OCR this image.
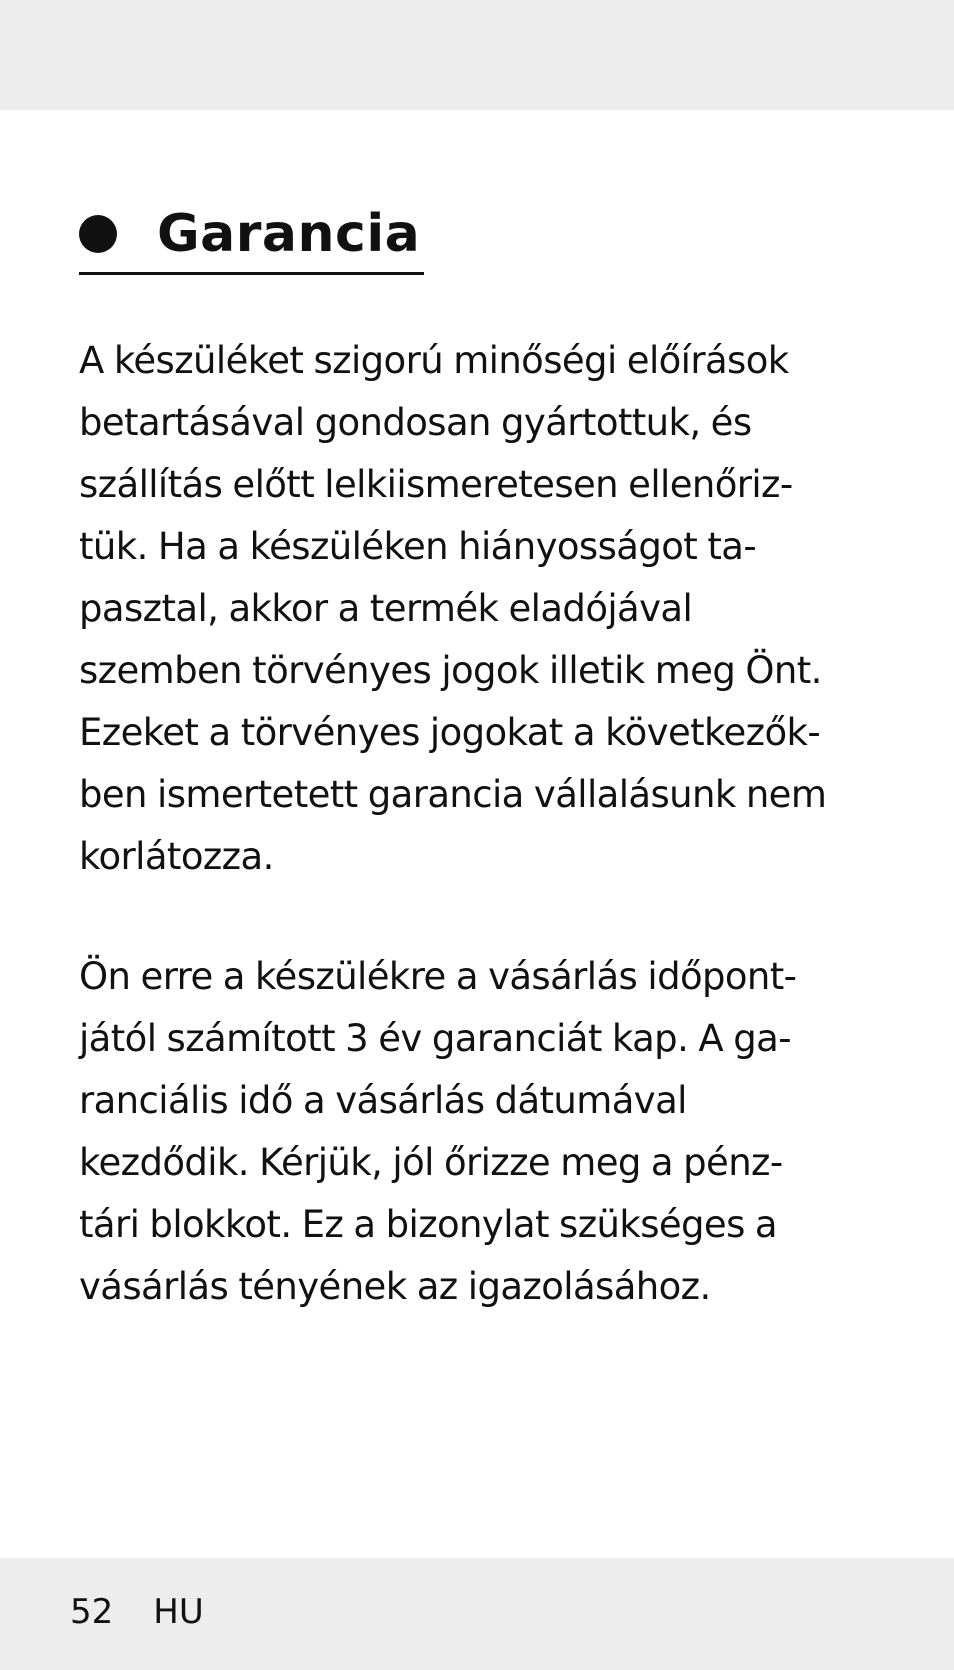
Garancia

A készüléket szigorú minőségi előírások
betartásával gondosan gyártottuk, és
szállítás előtt lelkiismeretesen ellenőriz-
tük. Ha a készüléken hiányosságot ta-
pasztal, akkor a termék eladójával
szemben törvényes jogok illetik meg Önt.
Ezeket a törvényes jogokat a következők-
ben ismertetett garancia vállalásunk nem
korlátozza.

Ön erre a készülékre a vásárlás időpont-
jától számított 3 év garanciát kap. A ga-
ranciális idő a vásárlás dátumával
kezdődik. Kérjük, jól őrizze meg a pénz-
tári blokkot. Ez a bizonylat szükséges a
vásárlás tényének az igazolásához.

52 HU
